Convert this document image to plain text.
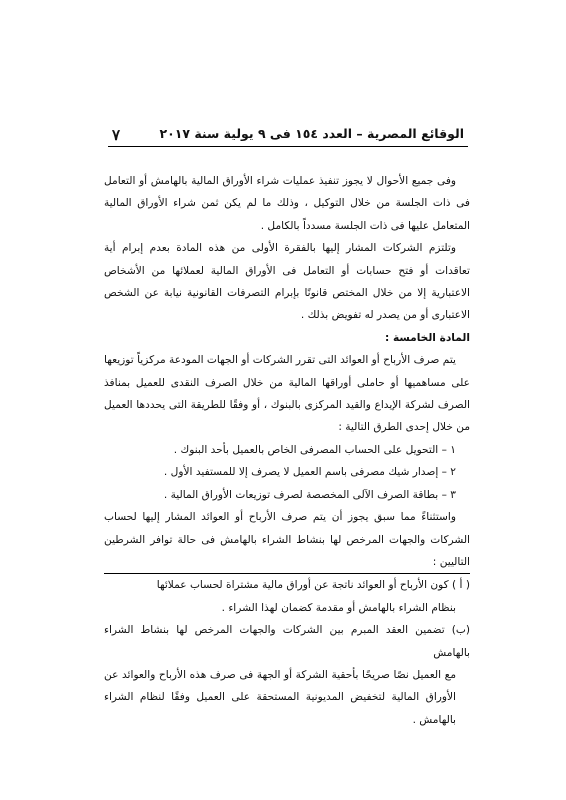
٧	الوقائع المصرية – العدد ١٥٤ فى ٩ يولية سنة ٢٠١٧

وفى جميع الأحوال لا يجوز تنفيذ عمليات شراء الأوراق المالية بالهامش أو التعامل فى ذات الجلسة من خلال التوكيل ، وذلك ما لم يكن ثمن شراء الأوراق المالية المتعامل عليها فى ذات الجلسة مسدداً بالكامل .

وتلتزم الشركات المشار إليها بالفقرة الأولى من هذه المادة بعدم إبرام أية تعاقدات أو فتح حسابات أو التعامل فى الأوراق المالية لعملائها من الأشخاص الاعتبارية إلا من خلال المختص قانونًا بإبرام التصرفات القانونية نيابة عن الشخص الاعتبارى أو من يصدر له تفويض بذلك .

المادة الخامسة :

يتم صرف الأرباح أو العوائد التى تقرر الشركات أو الجهات المودعة مركزياً توزيعها على مساهميها أو حاملى أوراقها المالية من خلال الصرف النقدى للعميل بمنافذ الصرف لشركة الإيداع والقيد المركزى بالبنوك ، أو وفقًا للطريقة التى يحددها العميل من خلال إحدى الطرق التالية :

١ – التحويل على الحساب المصرفى الخاص بالعميل بأحد البنوك .

٢ – إصدار شيك مصرفى باسم العميل لا يصرف إلا للمستفيد الأول .

٣ – بطاقة الصرف الآلى المخصصة لصرف توزيعات الأوراق المالية .

واستثناءً مما سبق يجوز أن يتم صرف الأرباح أو العوائد المشار إليها لحساب الشركات والجهات المرخص لها بنشاط الشراء بالهامش فى حالة توافر الشرطين التاليين :

( أ ) كون الأرباح أو العوائد ناتجة عن أوراق مالية مشتراة لحساب عملائها

بنظام الشراء بالهامش أو مقدمة كضمان لهذا الشراء .

(ب) تضمين العقد المبرم بين الشركات والجهات المرخص لها بنشاط الشراء بالهامش

مع العميل نصًا صريحًا بأحقية الشركة أو الجهة فى صرف هذه الأرباح والعوائد عن الأوراق المالية لتخفيض المديونية المستحقة على العميل وفقًا لنظام الشراء بالهامش .
